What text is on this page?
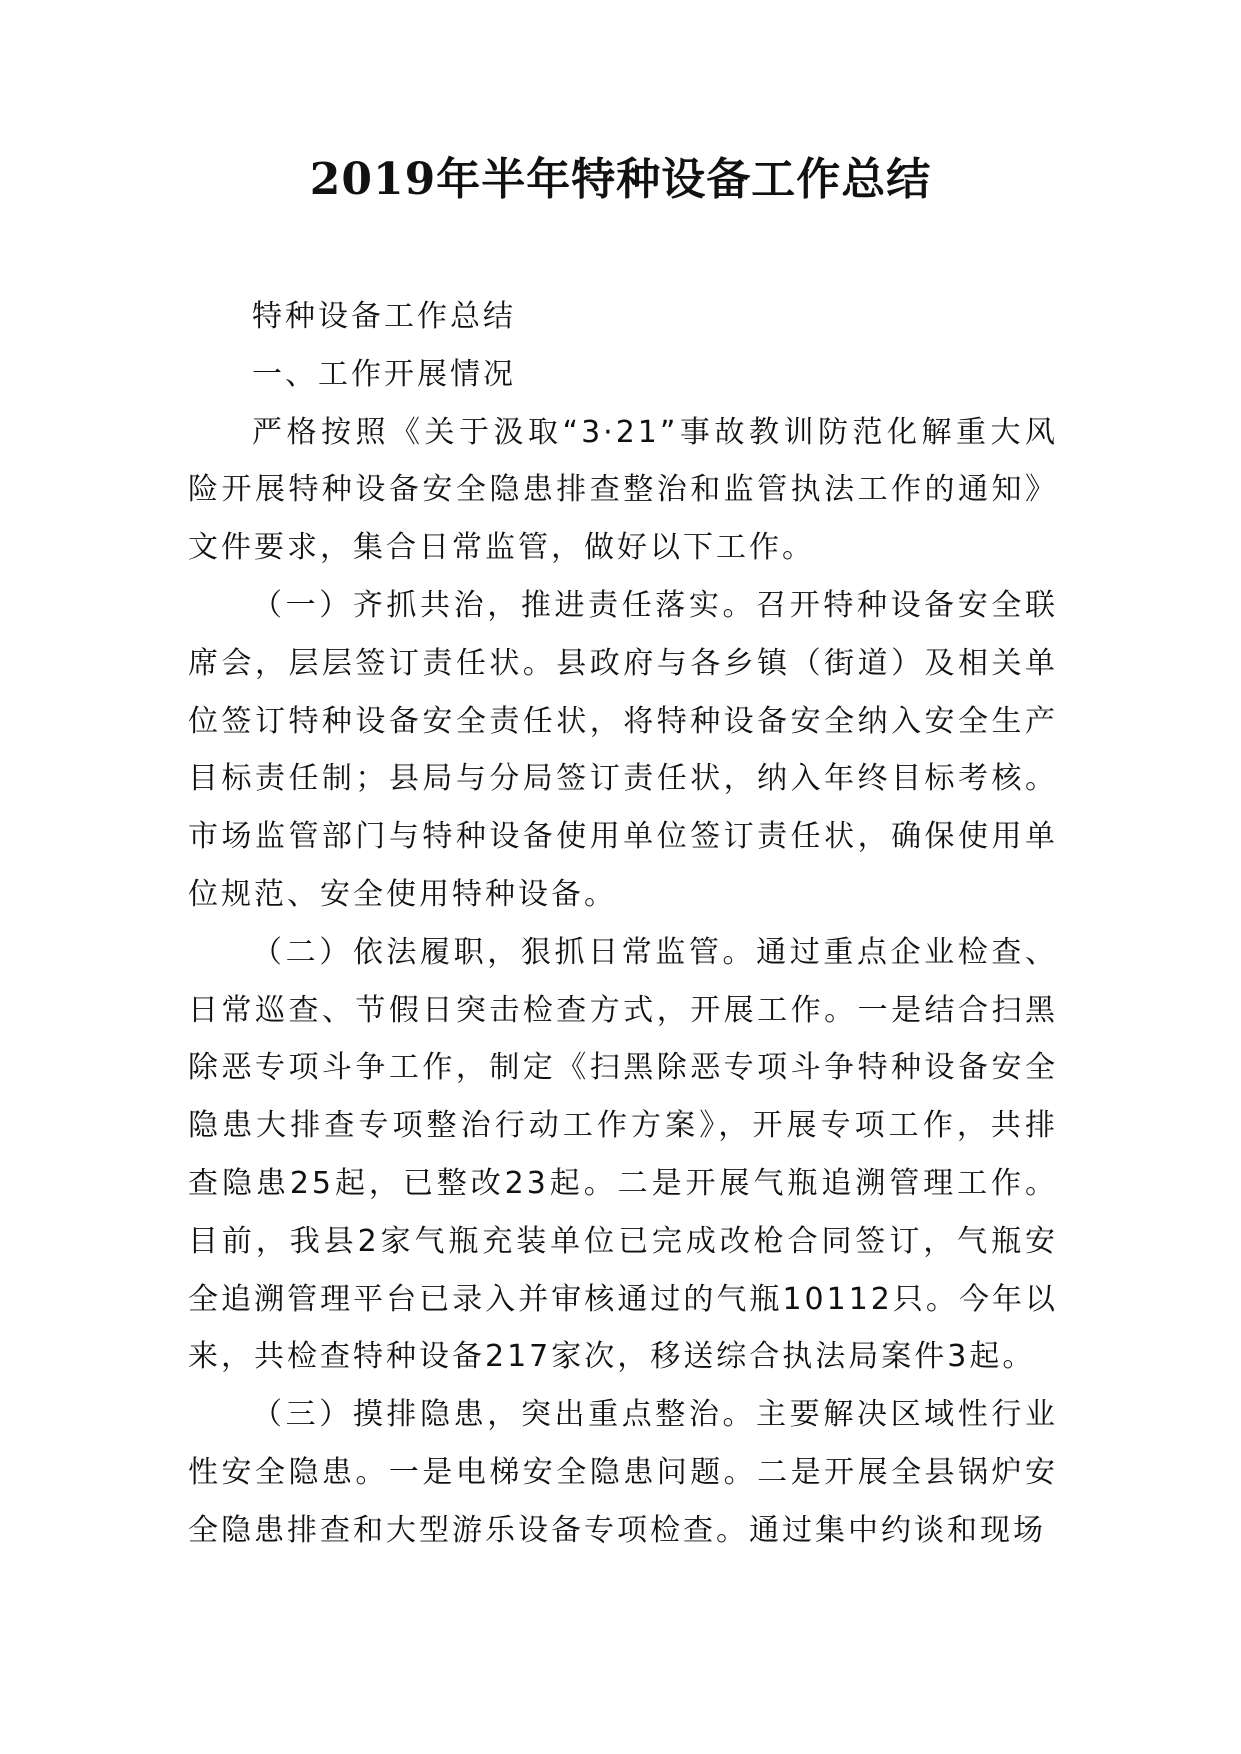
2019年半年特种设备工作总结

特种设备工作总结

一、工作开展情况

严格按照《关于汲取“3·21”事故教训防范化解重大风险开展特种设备安全隐患排查整治和监管执法工作的通知》文件要求，集合日常监管，做好以下工作。

（一）齐抓共治，推进责任落实。召开特种设备安全联席会，层层签订责任状。县政府与各乡镇（街道）及相关单位签订特种设备安全责任状，将特种设备安全纳入安全生产目标责任制；县局与分局签订责任状，纳入年终目标考核。市场监管部门与特种设备使用单位签订责任状，确保使用单位规范、安全使用特种设备。

（二）依法履职，狠抓日常监管。通过重点企业检查、日常巡查、节假日突击检查方式，开展工作。一是结合扫黑除恶专项斗争工作，制定《扫黑除恶专项斗争特种设备安全隐患大排查专项整治行动工作方案》，开展专项工作，共排查隐患25起，已整改23起。二是开展气瓶追溯管理工作。目前，我县2家气瓶充装单位已完成改枪合同签订，气瓶安全追溯管理平台已录入并审核通过的气瓶10112只。今年以来，共检查特种设备217家次，移送综合执法局案件3起。

（三）摸排隐患，突出重点整治。主要解决区域性行业性安全隐患。一是电梯安全隐患问题。二是开展全县锅炉安全隐患排查和大型游乐设备专项检查。通过集中约谈和现场
